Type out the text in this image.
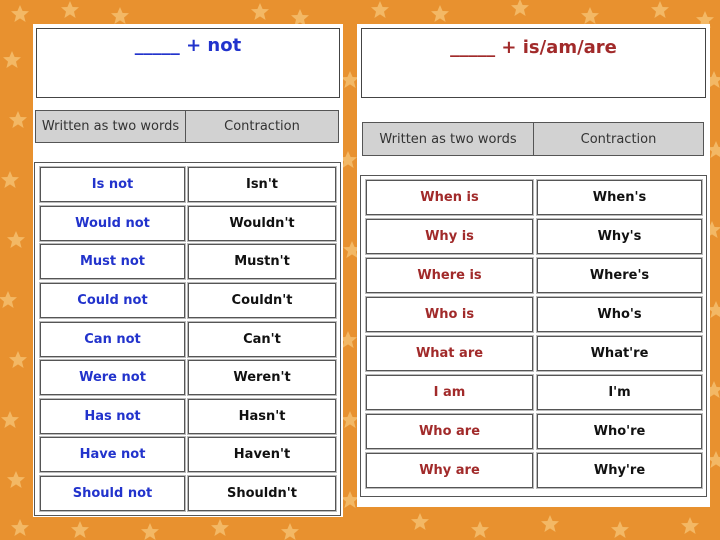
_____ + not
Written as two words	Contraction
Is not	Isn't
Would not	Wouldn't
Must not	Mustn't
Could not	Couldn't
Can not	Can't
Were not	Weren't
Has not	Hasn't
Have not	Haven't
Should not	Shouldn't
_____ + is/am/are
Written as two words	Contraction
When is	When's
Why is	Why's
Where is	Where's
Who is	Who's
What are	What're
I am	I'm
Who are	Who're
Why are	Why're
